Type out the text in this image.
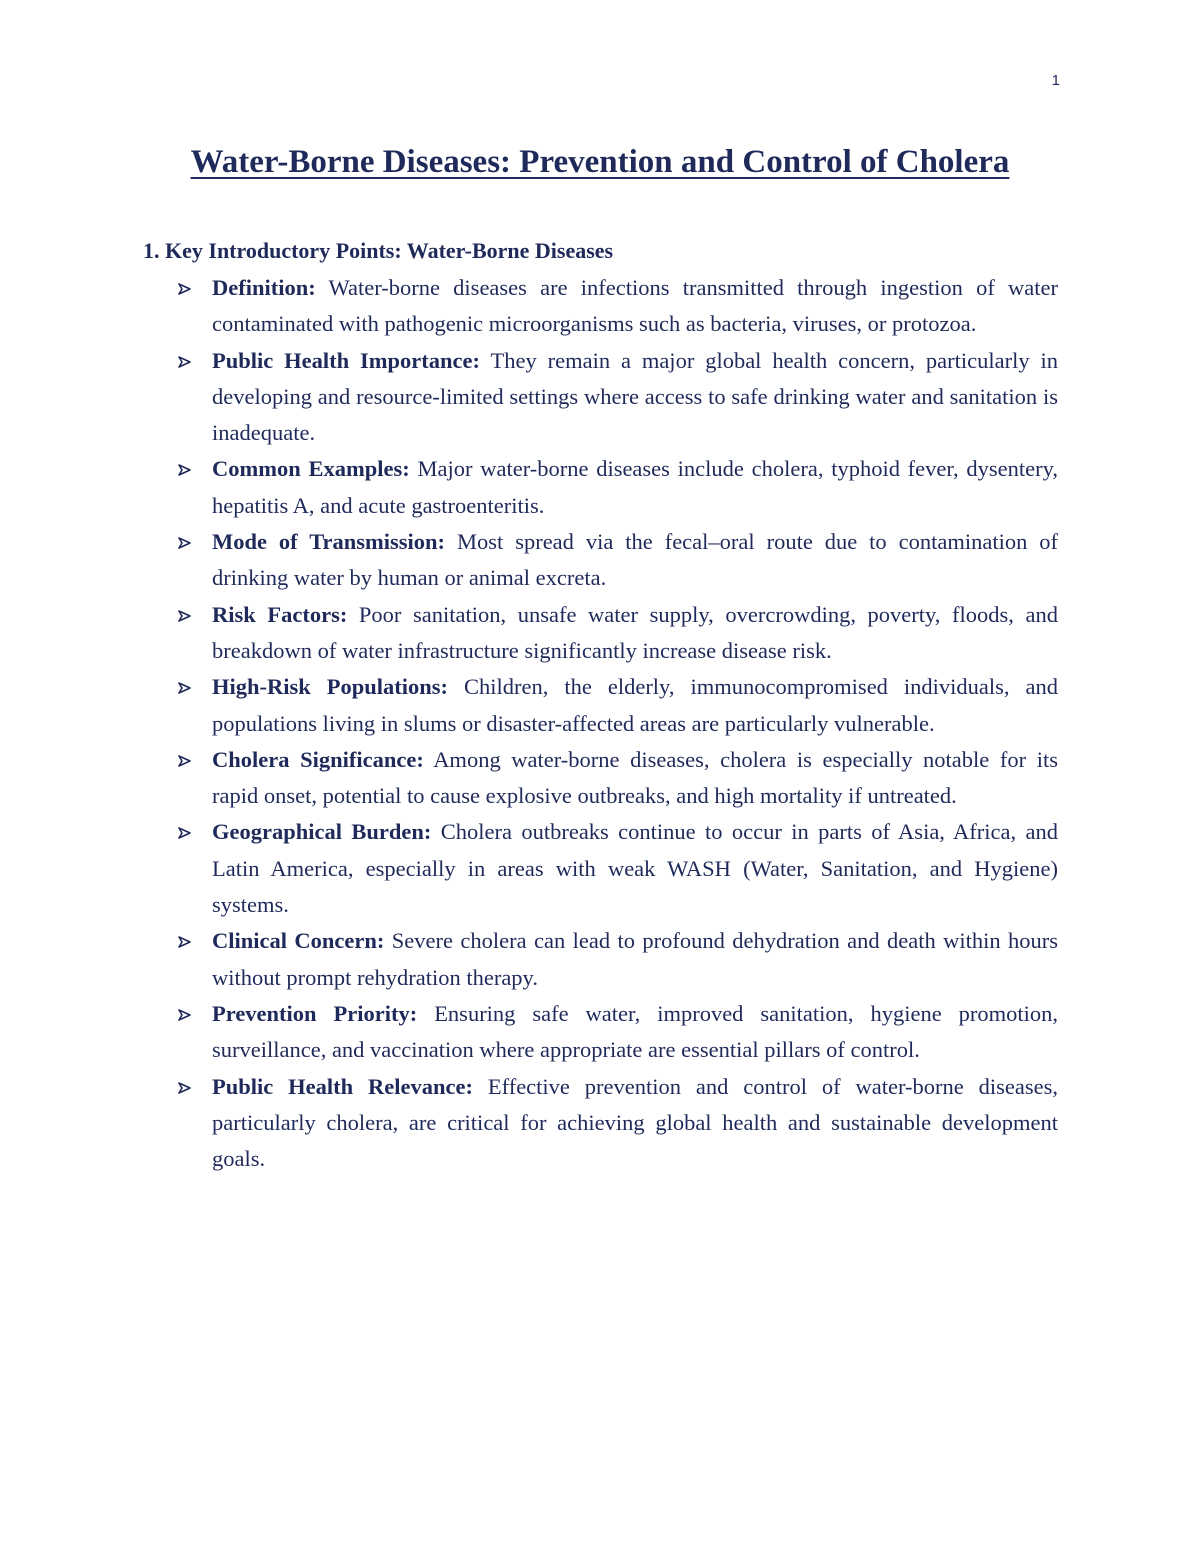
1
Water-Borne Diseases: Prevention and Control of Cholera
1. Key Introductory Points: Water-Borne Diseases
Definition: Water-borne diseases are infections transmitted through ingestion of water contaminated with pathogenic microorganisms such as bacteria, viruses, or protozoa.
Public Health Importance: They remain a major global health concern, particularly in developing and resource-limited settings where access to safe drinking water and sanitation is inadequate.
Common Examples: Major water-borne diseases include cholera, typhoid fever, dysentery, hepatitis A, and acute gastroenteritis.
Mode of Transmission: Most spread via the fecal–oral route due to contamination of drinking water by human or animal excreta.
Risk Factors: Poor sanitation, unsafe water supply, overcrowding, poverty, floods, and breakdown of water infrastructure significantly increase disease risk.
High-Risk Populations: Children, the elderly, immunocompromised individuals, and populations living in slums or disaster-affected areas are particularly vulnerable.
Cholera Significance: Among water-borne diseases, cholera is especially notable for its rapid onset, potential to cause explosive outbreaks, and high mortality if untreated.
Geographical Burden: Cholera outbreaks continue to occur in parts of Asia, Africa, and Latin America, especially in areas with weak WASH (Water, Sanitation, and Hygiene) systems.
Clinical Concern: Severe cholera can lead to profound dehydration and death within hours without prompt rehydration therapy.
Prevention Priority: Ensuring safe water, improved sanitation, hygiene promotion, surveillance, and vaccination where appropriate are essential pillars of control.
Public Health Relevance: Effective prevention and control of water-borne diseases, particularly cholera, are critical for achieving global health and sustainable development goals.
